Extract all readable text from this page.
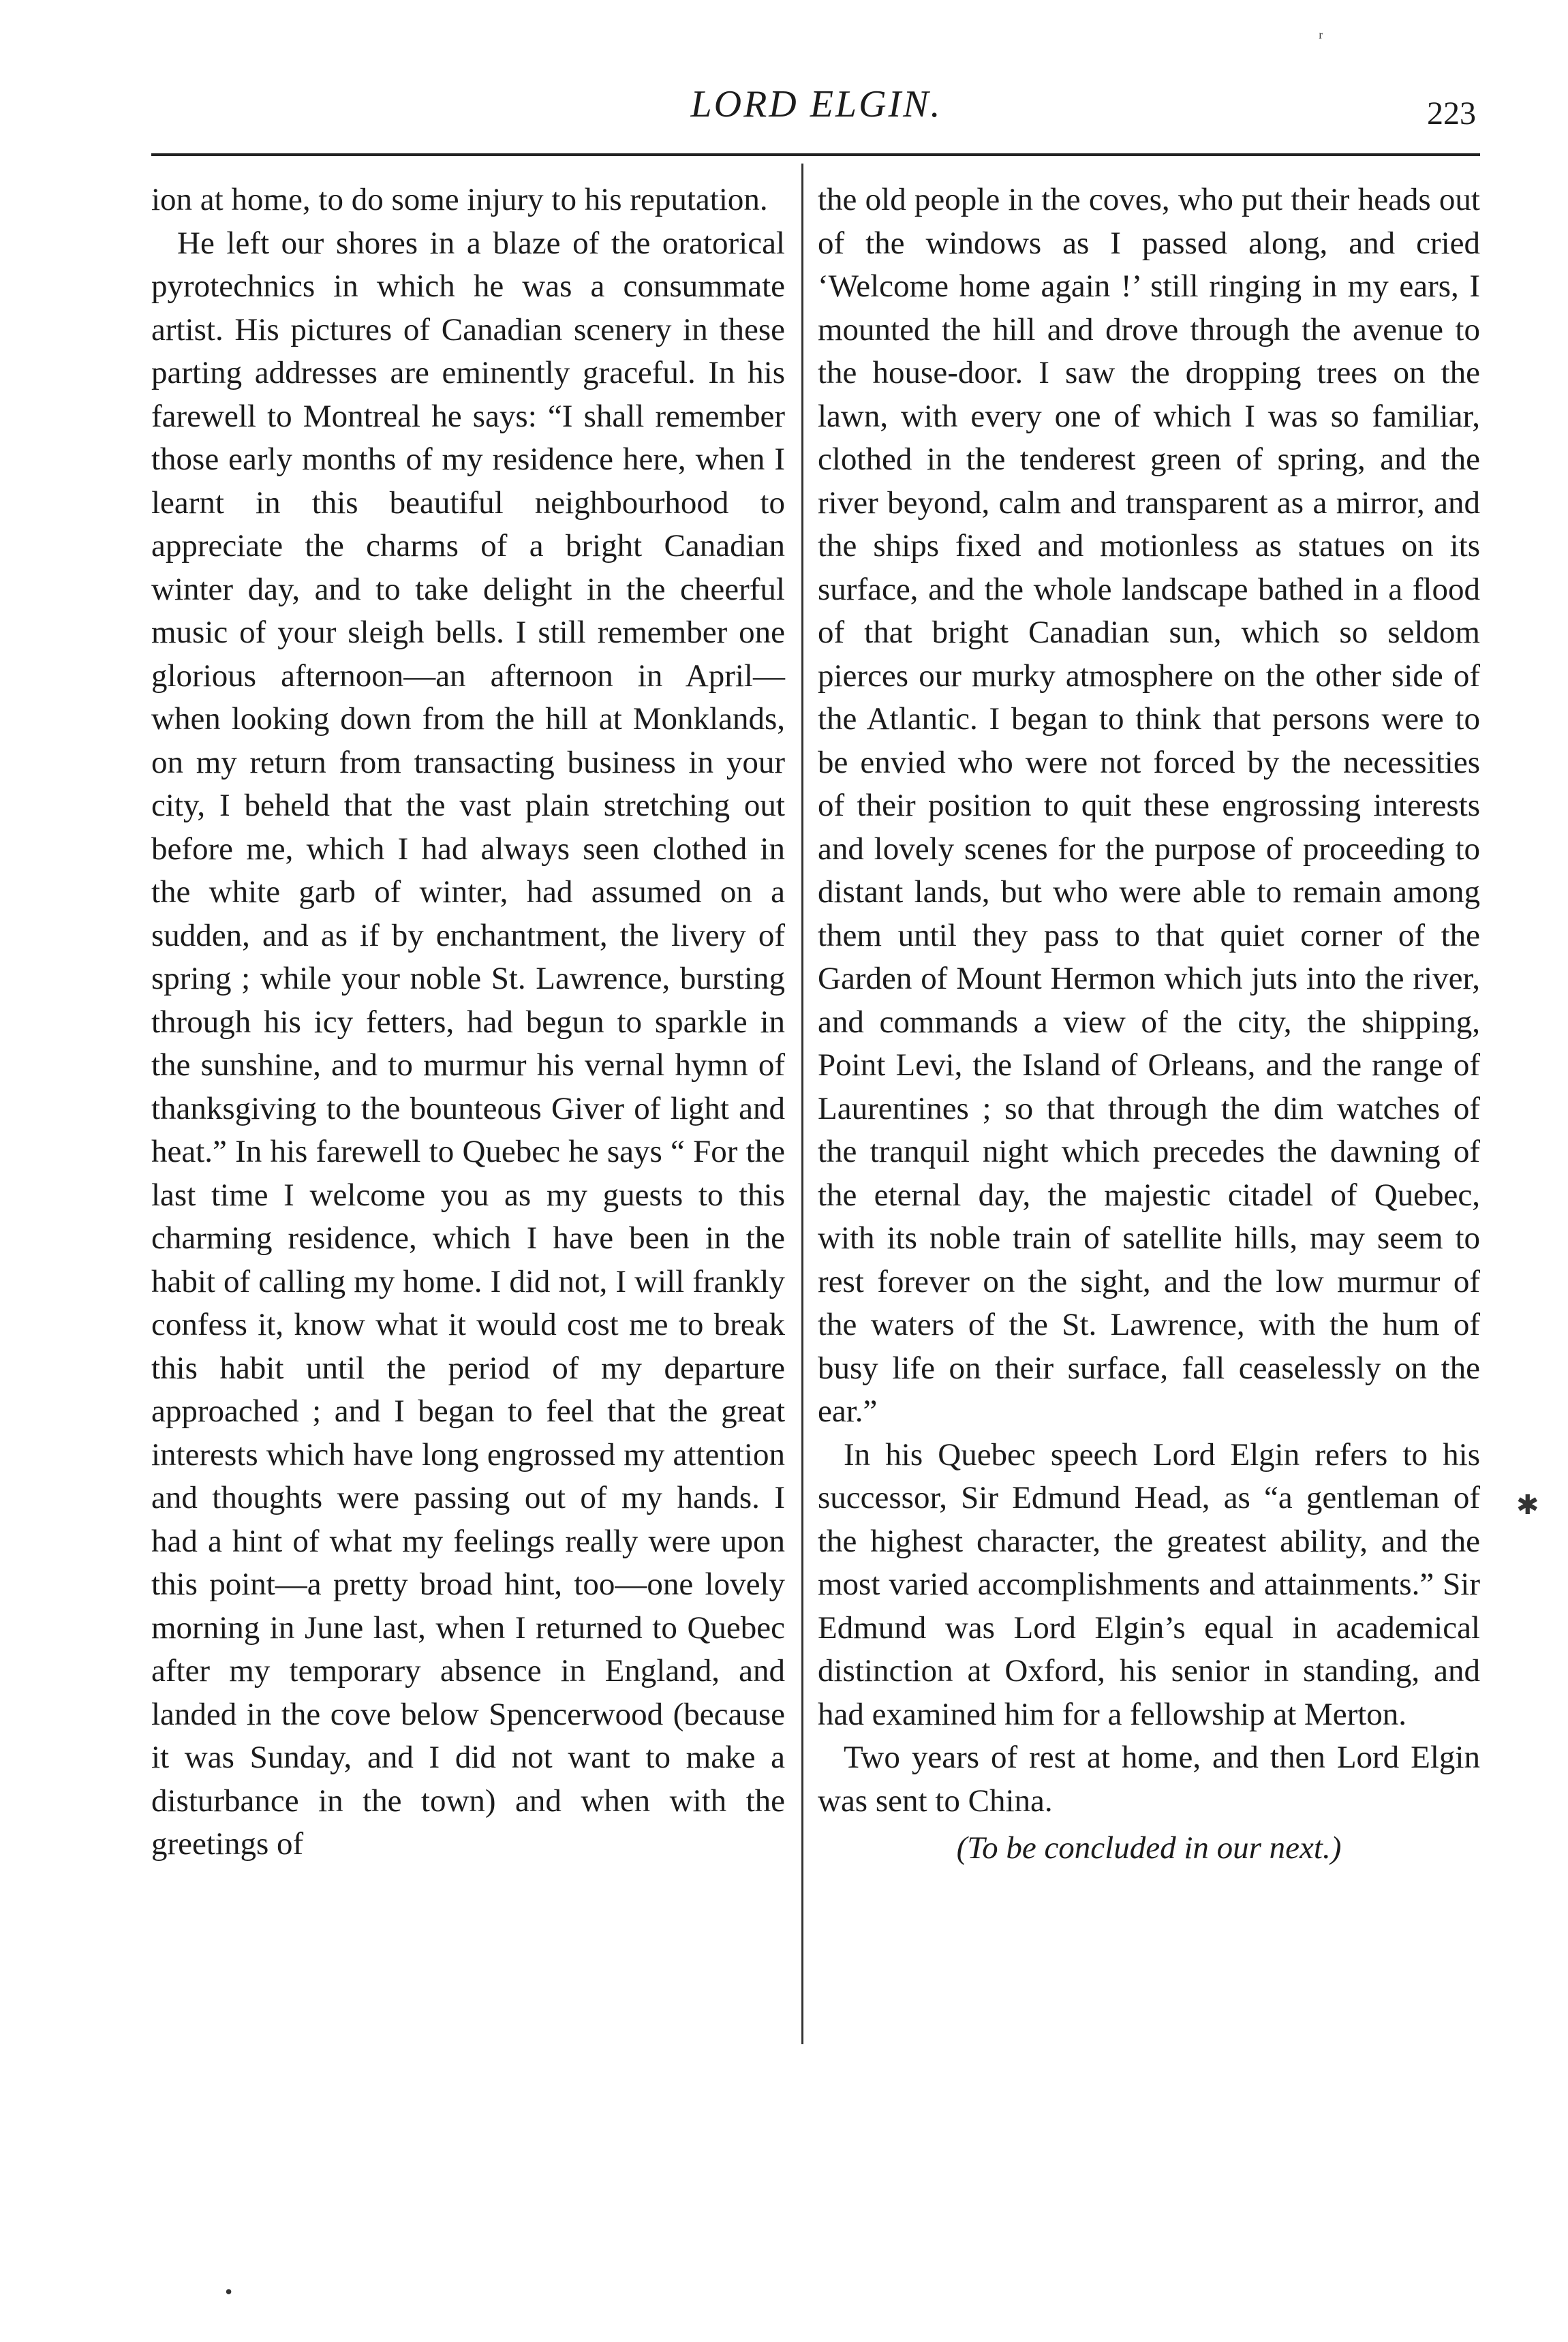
LORD ELGIN.	223
ʳ
✱
•

ion at home, to do some injury to his reputation.

He left our shores in a blaze of the oratorical pyrotechnics in which he was a consummate artist. His pictures of Canadian scenery in these parting addresses are eminently graceful. In his farewell to Montreal he says: “I shall remember those early months of my residence here, when I learnt in this beautiful neighbourhood to appreciate the charms of a bright Canadian winter day, and to take delight in the cheerful music of your sleigh bells. I still remember one glorious afternoon—an afternoon in April—when looking down from the hill at Monklands, on my return from transacting business in your city, I beheld that the vast plain stretching out before me, which I had always seen clothed in the white garb of winter, had assumed on a sudden, and as if by enchantment, the livery of spring ; while your noble St. Lawrence, bursting through his icy fetters, had begun to sparkle in the sunshine, and to murmur his vernal hymn of thanksgiving to the bounteous Giver of light and heat.” In his farewell to Quebec he says “ For the last time I welcome you as my guests to this charming residence, which I have been in the habit of calling my home. I did not, I will frankly confess it, know what it would cost me to break this habit until the period of my departure approached ; and I began to feel that the great interests which have long engrossed my attention and thoughts were passing out of my hands. I had a hint of what my feelings really were upon this point—a pretty broad hint, too—one lovely morning in June last, when I returned to Quebec after my temporary absence in England, and landed in the cove below Spencerwood (because it was Sunday, and I did not want to make a disturbance in the town) and when with the greetings of

the old people in the coves, who put their heads out of the windows as I passed along, and cried ‘Welcome home again !’ still ringing in my ears, I mounted the hill and drove through the avenue to the house-door. I saw the dropping trees on the lawn, with every one of which I was so familiar, clothed in the tenderest green of spring, and the river beyond, calm and transparent as a mirror, and the ships fixed and motionless as statues on its surface, and the whole landscape bathed in a flood of that bright Canadian sun, which so seldom pierces our murky atmosphere on the other side of the Atlantic. I began to think that persons were to be envied who were not forced by the necessities of their position to quit these engrossing interests and lovely scenes for the purpose of proceeding to distant lands, but who were able to remain among them until they pass to that quiet corner of the Garden of Mount Hermon which juts into the river, and commands a view of the city, the shipping, Point Levi, the Island of Orleans, and the range of Laurentines ; so that through the dim watches of the tranquil night which precedes the dawning of the eternal day, the majestic citadel of Quebec, with its noble train of satellite hills, may seem to rest forever on the sight, and the low murmur of the waters of the St. Lawrence, with the hum of busy life on their surface, fall ceaselessly on the ear.”

In his Quebec speech Lord Elgin refers to his successor, Sir Edmund Head, as “a gentleman of the highest character, the greatest ability, and the most varied accomplishments and attainments.” Sir Edmund was Lord Elgin’s equal in academical distinction at Oxford, his senior in standing, and had examined him for a fellowship at Merton.

Two years of rest at home, and then Lord Elgin was sent to China.

(To be concluded in our next.)
